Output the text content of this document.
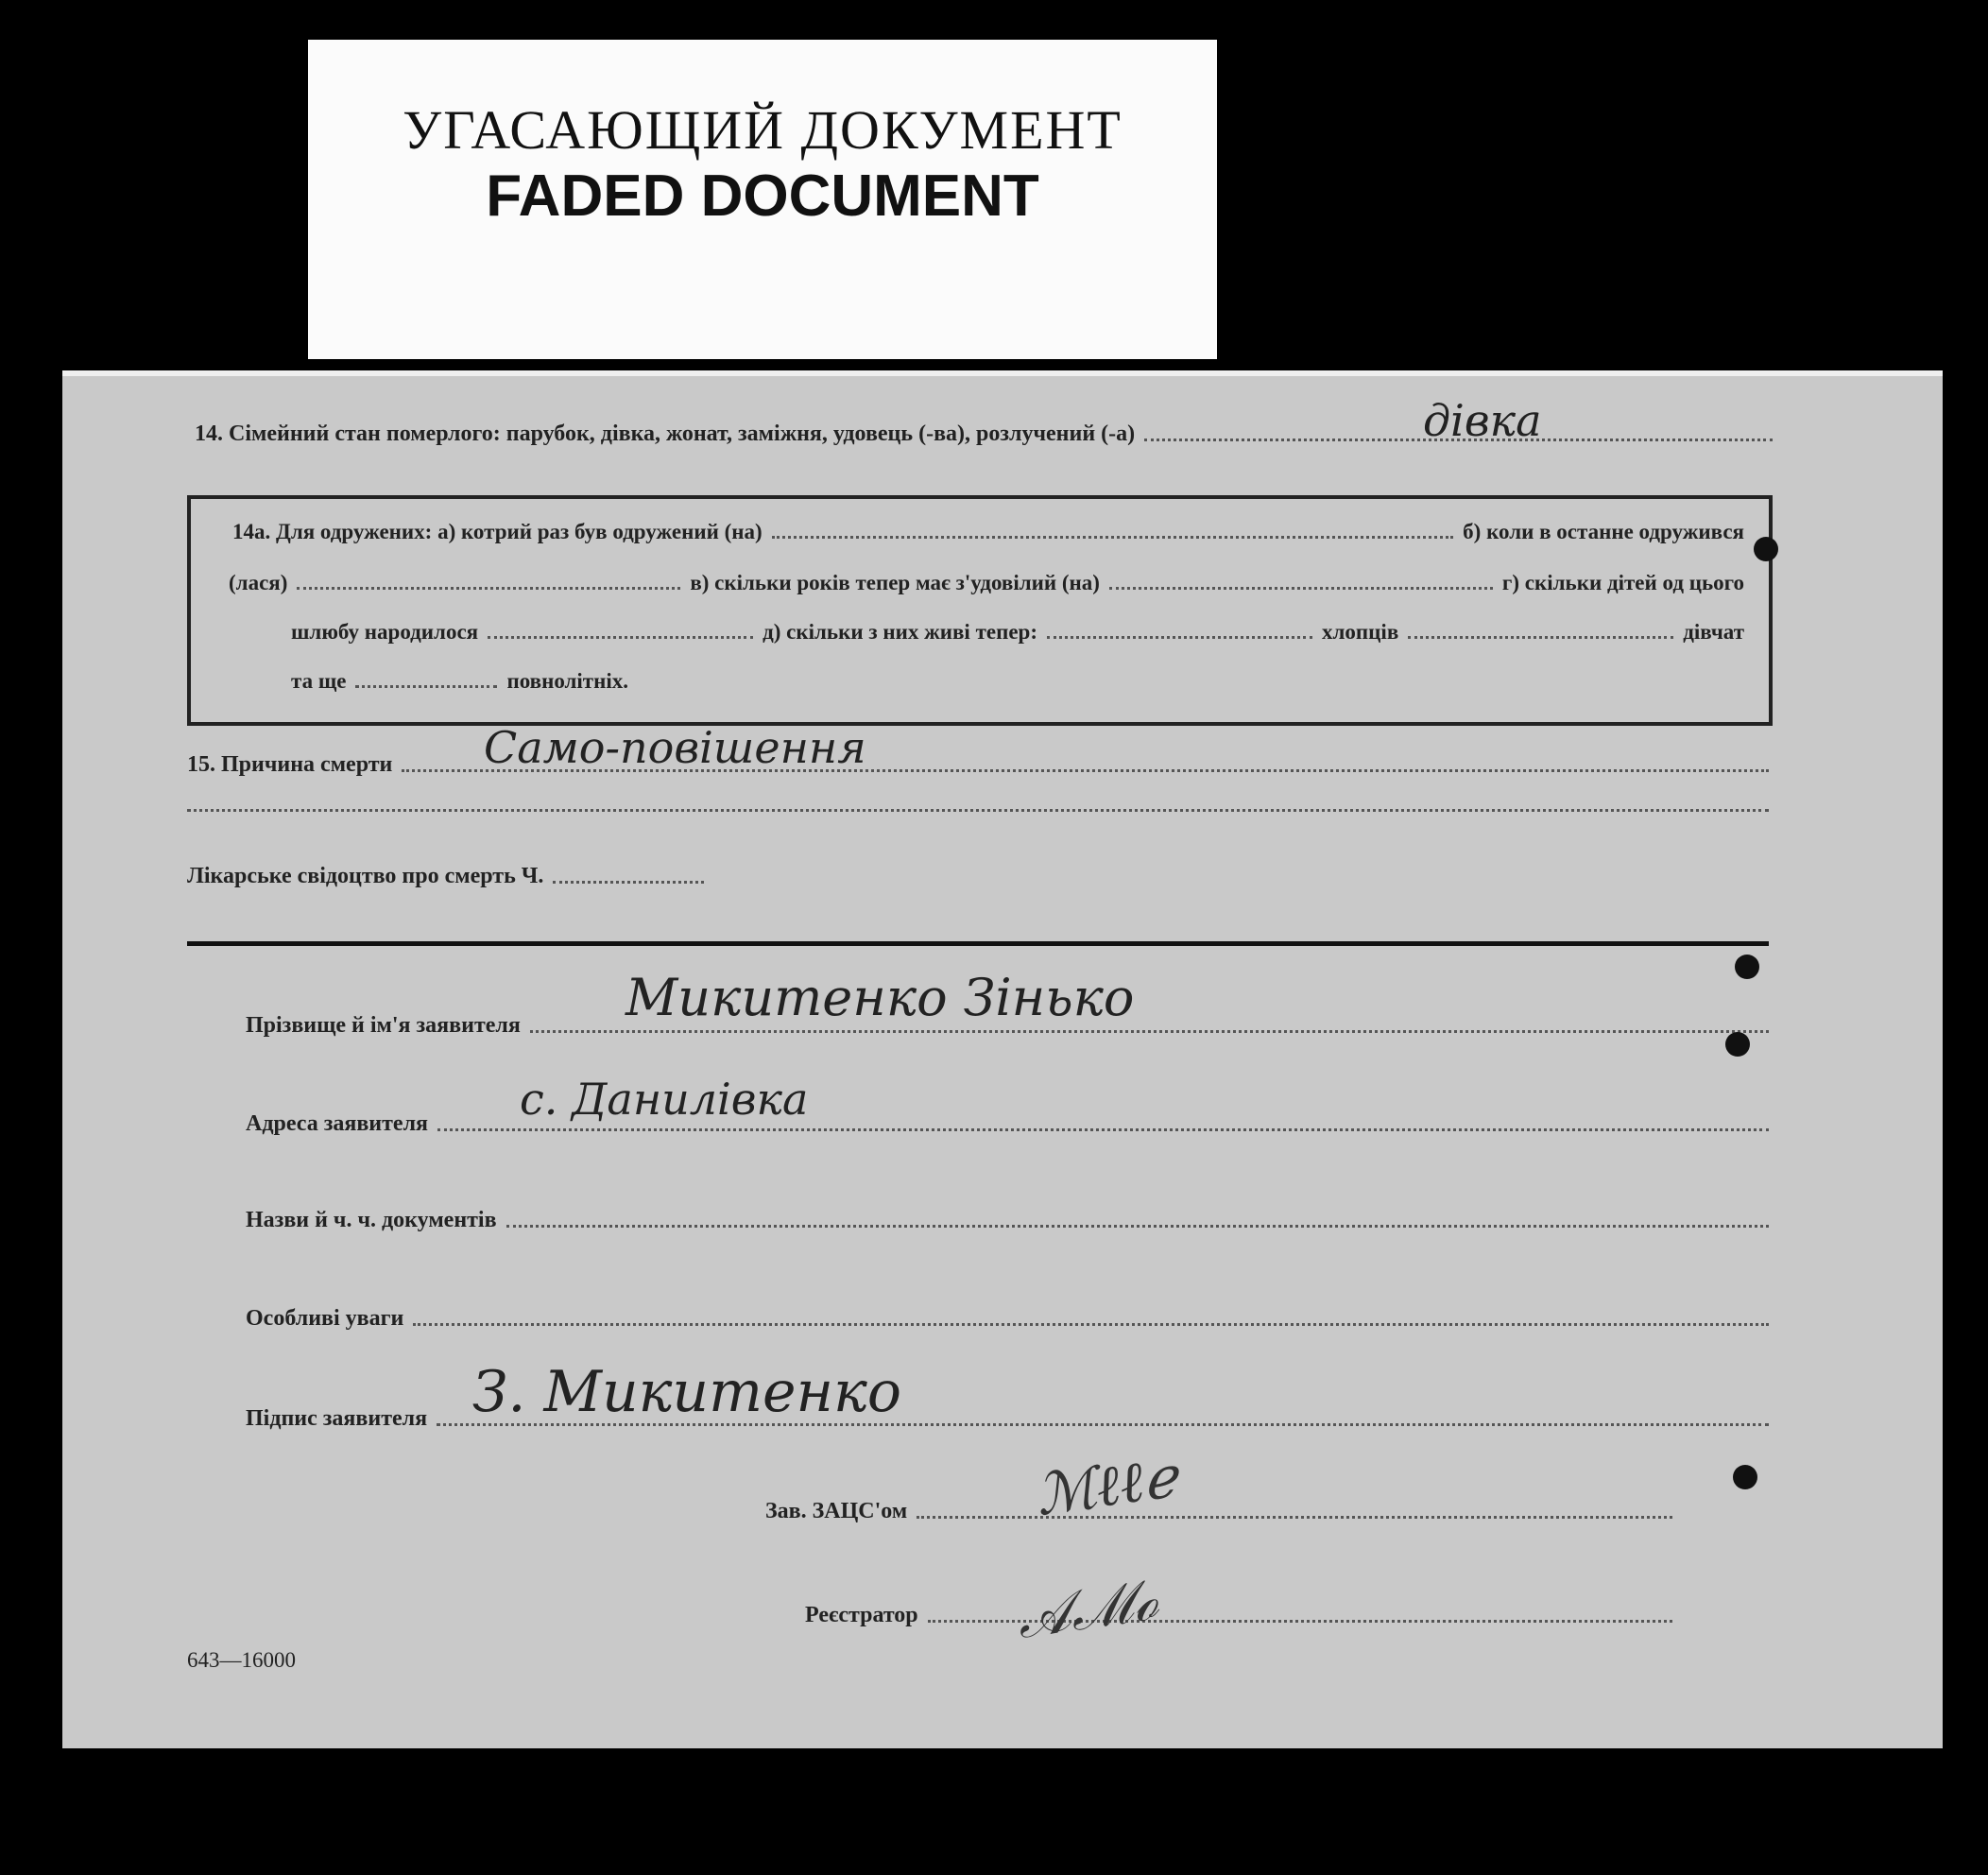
УГАСАЮЩИЙ ДОКУМЕНТ
FADED DOCUMENT
14. Сімейний стан померлого: парубок, дівка, жонат, заміжня, удовець (-ва), розлучений (-а)	дівка
14а. Для одружених: а) котрий раз був одружений (на)	б) коли в останне одружився
(лася)	в) скільки років тепер має з'удовілий (на)	г) скільки дітей од цього
шлюбу народилося	д) скільки з них живі тепер:	хлопців	дівчат
та ще	повнолітніх.
15. Причина смерти Само-повішення
Лікарське свідоцтво про смерть Ч.
Прізвище й ім'я заявителя Микитенко Зінько
Адреса заявителя с. Данилівка
Назви й ч. ч. документів
Особливі уваги
Підпис заявителя З. Микитенко
Зав. ЗАЦС'ом
Реєстратор
ℳℓℓℯ
𝒜ℳℴ
643—16000
